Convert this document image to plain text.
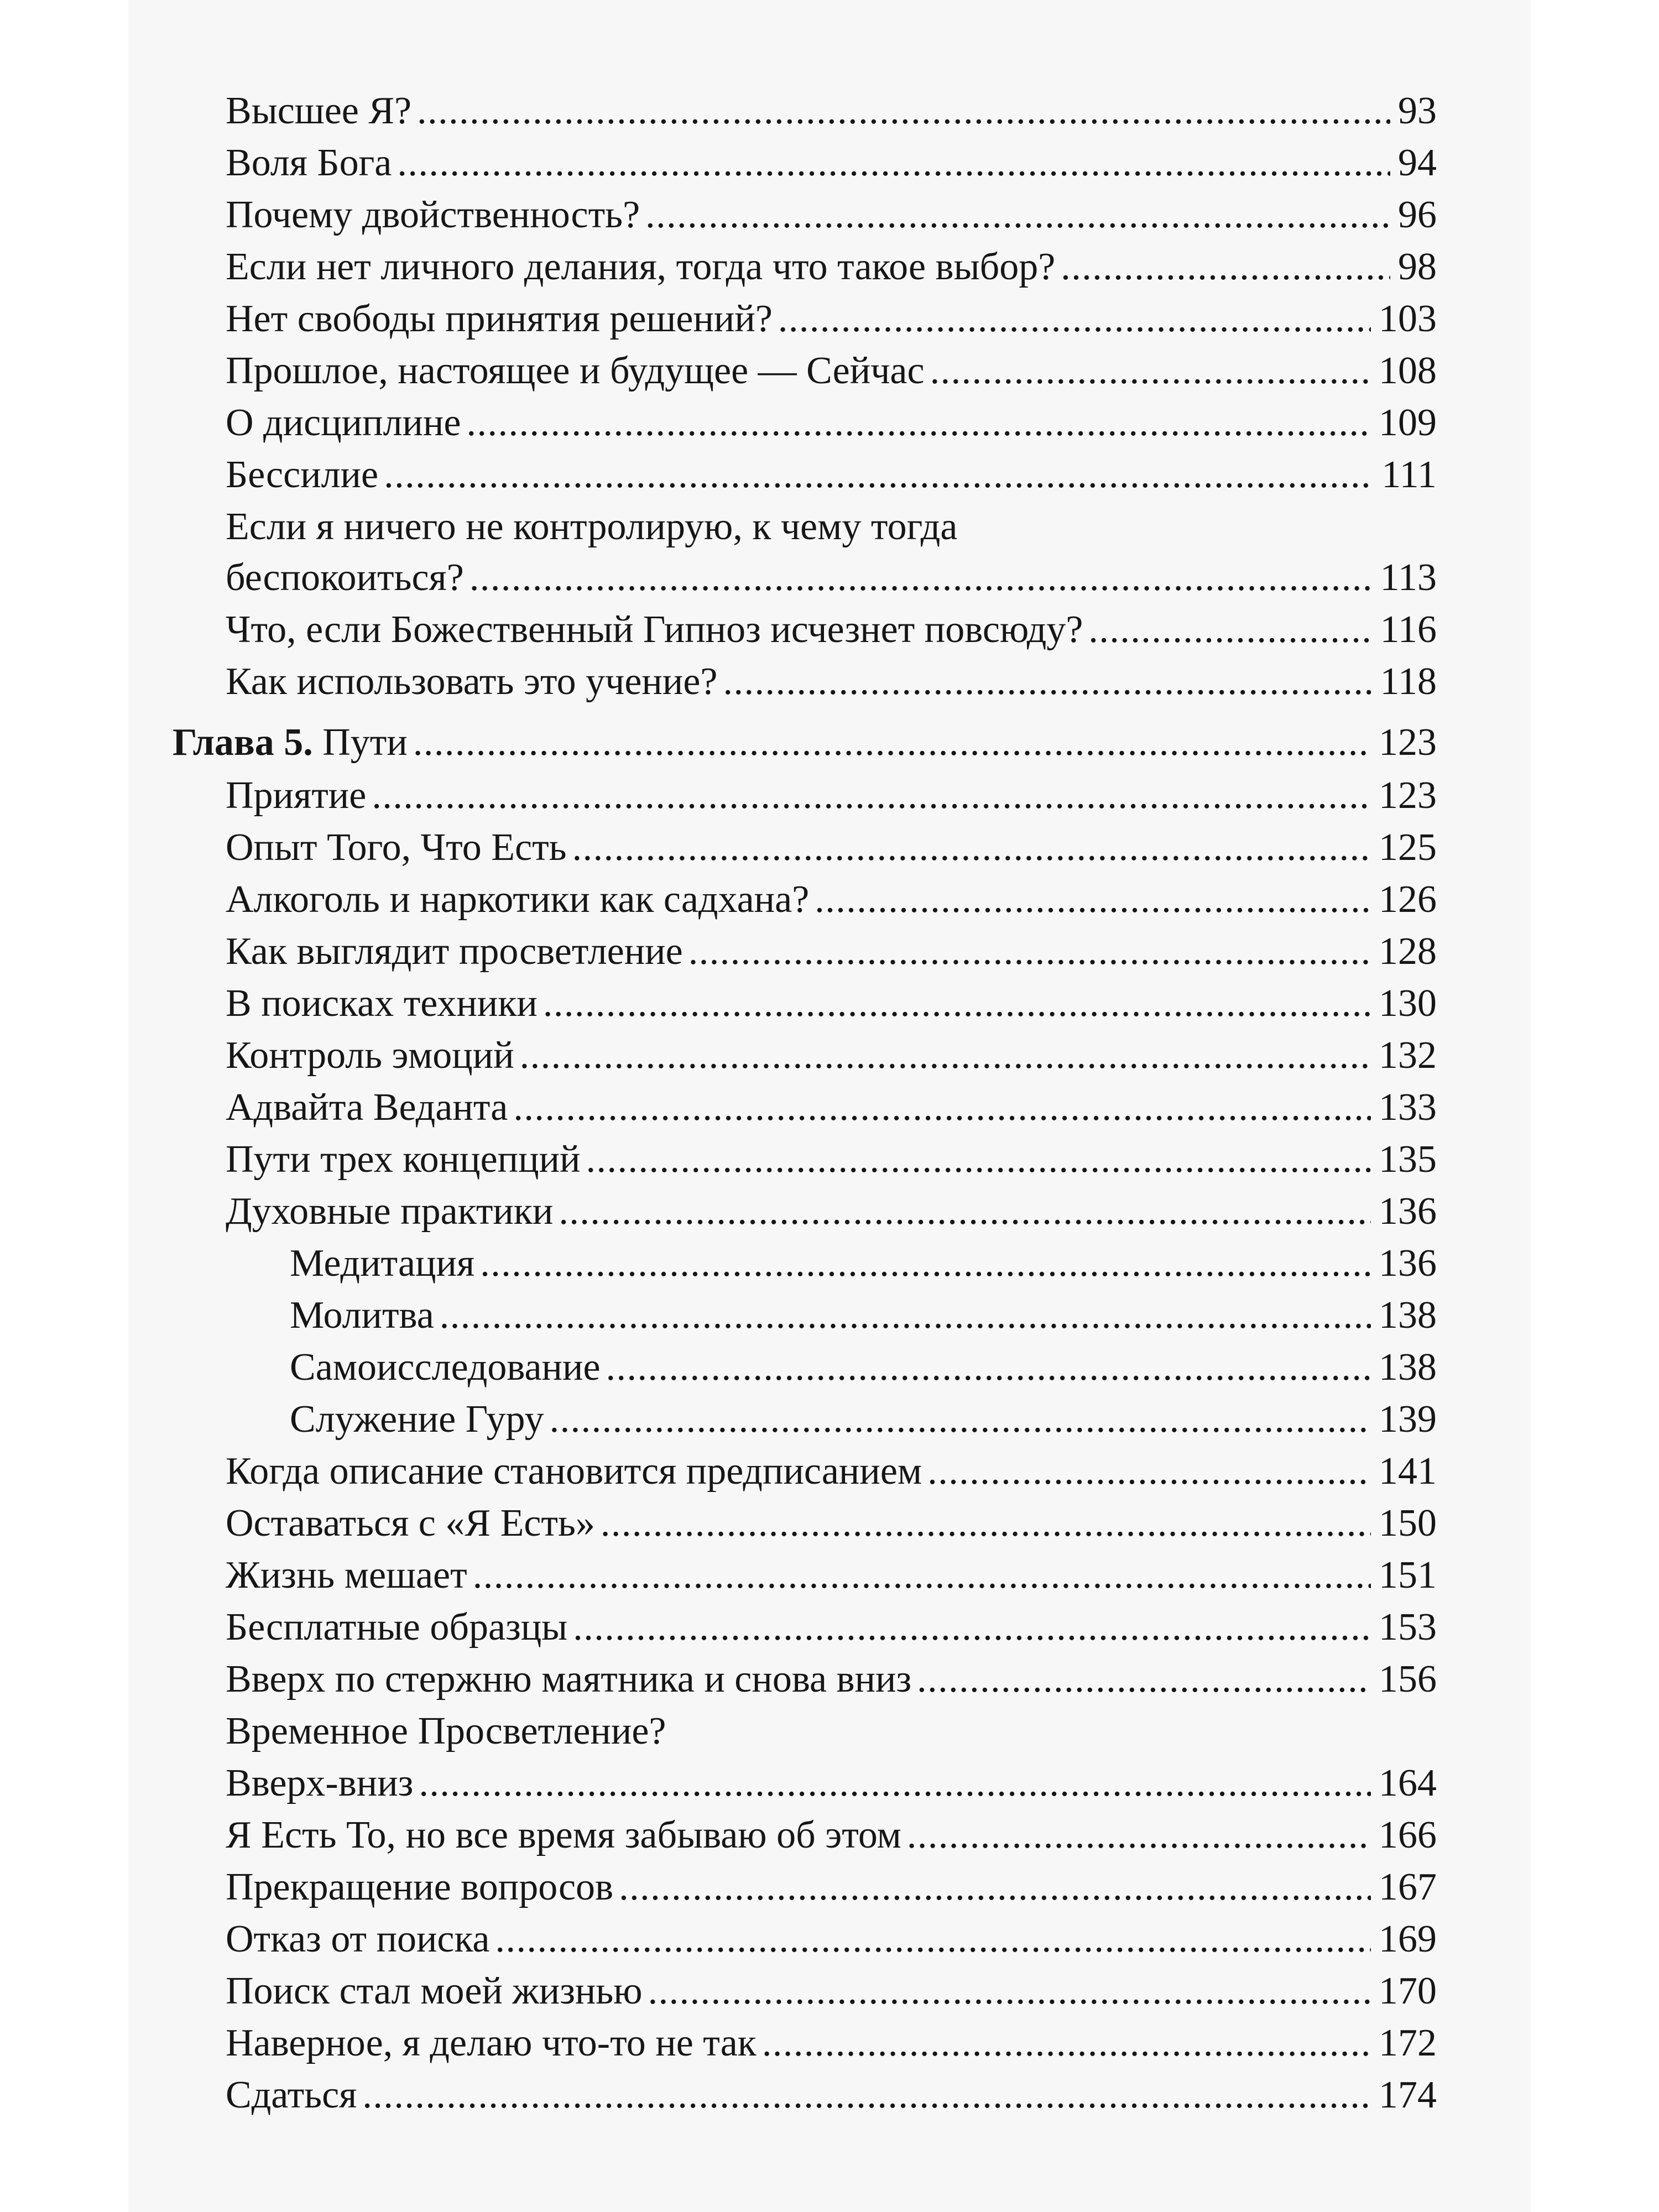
Высшее Я? . . .	93
Воля Бога . . .	94
Почему двойственность? . . .	96
Если нет личного делания, тогда что такое выбор? . . .	98
Нет свободы принятия решений? . . .	103
Прошлое, настоящее и будущее — Сейчас . . .	108
О дисциплине . . .	109
Бессилие . . .	111
Если я ничего не контролирую, к чему тогда
беспокоиться? . . .	113
Что, если Божественный Гипноз исчезнет повсюду? . . .	116
Как использовать это учение? . . .	118
Глава 5. Пути . . .	123
Приятие . . .	123
Опыт Того, Что Есть . . .	125
Алкоголь и наркотики как садхана? . . .	126
Как выглядит просветление . . .	128
В поисках техники . . .	130
Контроль эмоций . . .	132
Адвайта Веданта . . .	133
Пути трех концепций . . .	135
Духовные практики . . .	136
Медитация . . .	136
Молитва . . .	138
Самоисследование . . .	138
Служение Гуру . . .	139
Когда описание становится предписанием . . .	141
Оставаться с «Я Есть» . . .	150
Жизнь мешает . . .	151
Бесплатные образцы . . .	153
Вверх по стержню маятника и снова вниз . . .	156
Временное Просветление?
Вверх-вниз . . .	164
Я Есть То, но все время забываю об этом . . .	166
Прекращение вопросов . . .	167
Отказ от поиска . . .	169
Поиск стал моей жизнью . . .	170
Наверное, я делаю что-то не так . . .	172
Сдаться . . .	174
